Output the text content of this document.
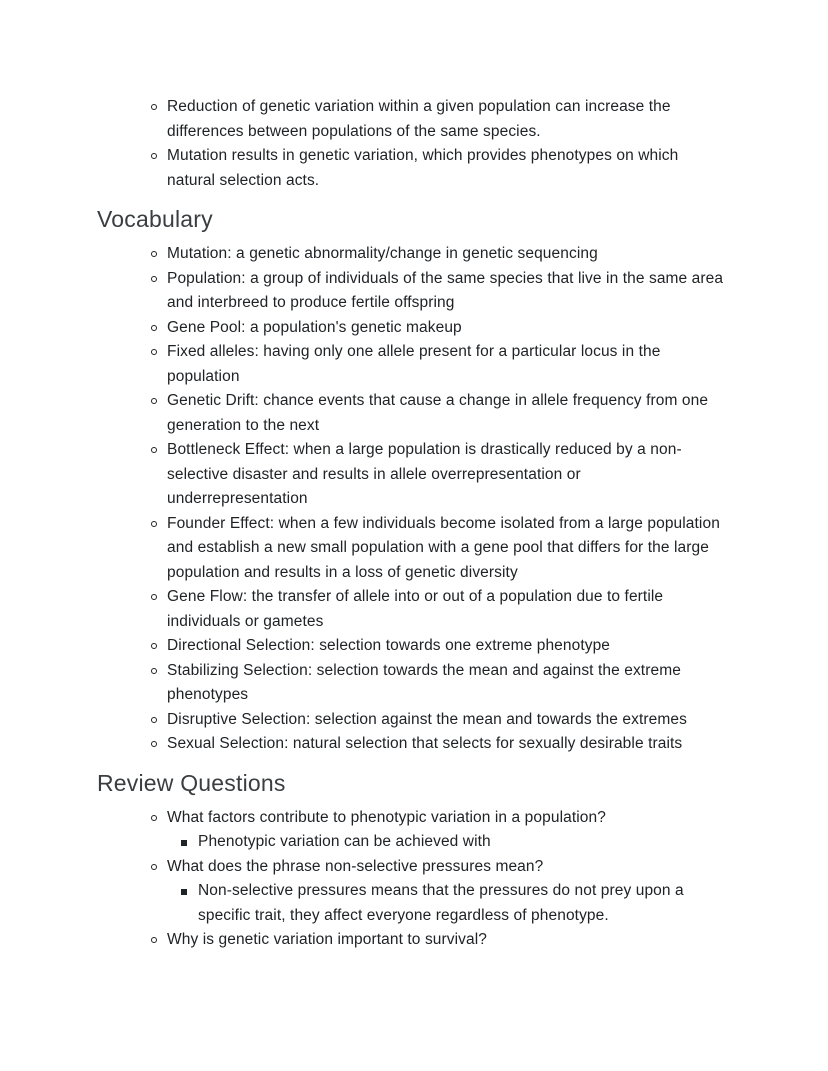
Reduction of genetic variation within a given population can increase the differences between populations of the same species.
Mutation results in genetic variation, which provides phenotypes on which natural selection acts.
Vocabulary
Mutation: a genetic abnormality/change in genetic sequencing
Population: a group of individuals of the same species that live in the same area and interbreed to produce fertile offspring
Gene Pool: a population's genetic makeup
Fixed alleles: having only one allele present for a particular locus in the population
Genetic Drift: chance events that cause a change in allele frequency from one generation to the next
Bottleneck Effect: when a large population is drastically reduced by a non-selective disaster and results in allele overrepresentation or underrepresentation
Founder Effect: when a few individuals become isolated from a large population and establish a new small population with a gene pool that differs for the large population and results in a loss of genetic diversity
Gene Flow: the transfer of allele into or out of a population due to fertile individuals or gametes
Directional Selection: selection towards one extreme phenotype
Stabilizing Selection: selection towards the mean and against the extreme phenotypes
Disruptive Selection: selection against the mean and towards the extremes
Sexual Selection: natural selection that selects for sexually desirable traits
Review Questions
What factors contribute to phenotypic variation in a population?
Phenotypic variation can be achieved with
What does the phrase non-selective pressures mean?
Non-selective pressures means that the pressures do not prey upon a specific trait, they affect everyone regardless of phenotype.
Why is genetic variation important to survival?
